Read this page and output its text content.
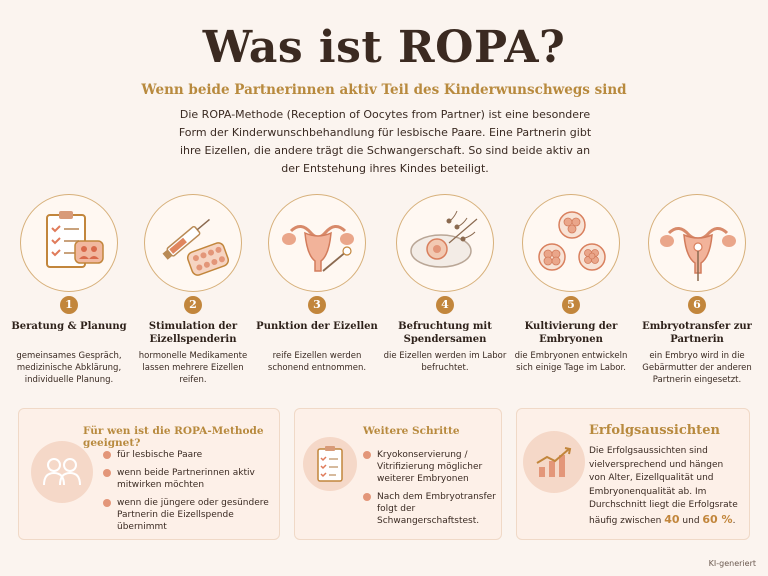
Was ist ROPA?
Wenn beide Partnerinnen aktiv Teil des Kinderwunschwegs sind
Die ROPA-Methode (Reception of Oocytes from Partner) ist eine besondere Form der Kinderwunschbehandlung für lesbische Paare. Eine Partnerin gibt ihre Eizellen, die andere trägt die Schwangerschaft. So sind beide aktiv an der Entstehung ihres Kindes beteiligt.
1
Beratung & Planung
gemeinsames Gespräch, medizinische Abklärung, individuelle Planung.
2
Stimulation der Eizellspenderin
hormonelle Medikamente lassen mehrere Eizellen reifen.
3
Punktion der Eizellen
reife Eizellen werden schonend entnommen.
4
Befruchtung mit Spendersamen
die Eizellen werden im Labor befruchtet.
5
Kultivierung der Embryonen
die Embryonen entwickeln sich einige Tage im Labor.
6
Embryotransfer zur Partnerin
ein Embryo wird in die Gebärmutter der anderen Partnerin eingesetzt.
Für wen ist die ROPA-Methode geeignet?
für lesbische Paare
wenn beide Partnerinnen aktiv mitwirken möchten
wenn die jüngere oder gesündere Partnerin die Eizellspende übernimmt
Weitere Schritte
Kryokonservierung / Vitrifizierung möglicher weiterer Embryonen
Nach dem Embryotransfer folgt der Schwangerschaftstest.
Erfolgsaussichten
Die Erfolgsaussichten sind vielversprechend und hängen von Alter, Eizellqualität und Embryonenqualität ab. Im Durchschnitt liegt die Erfolgsrate häufig zwischen 40 und 60 %.
KI-generiert
